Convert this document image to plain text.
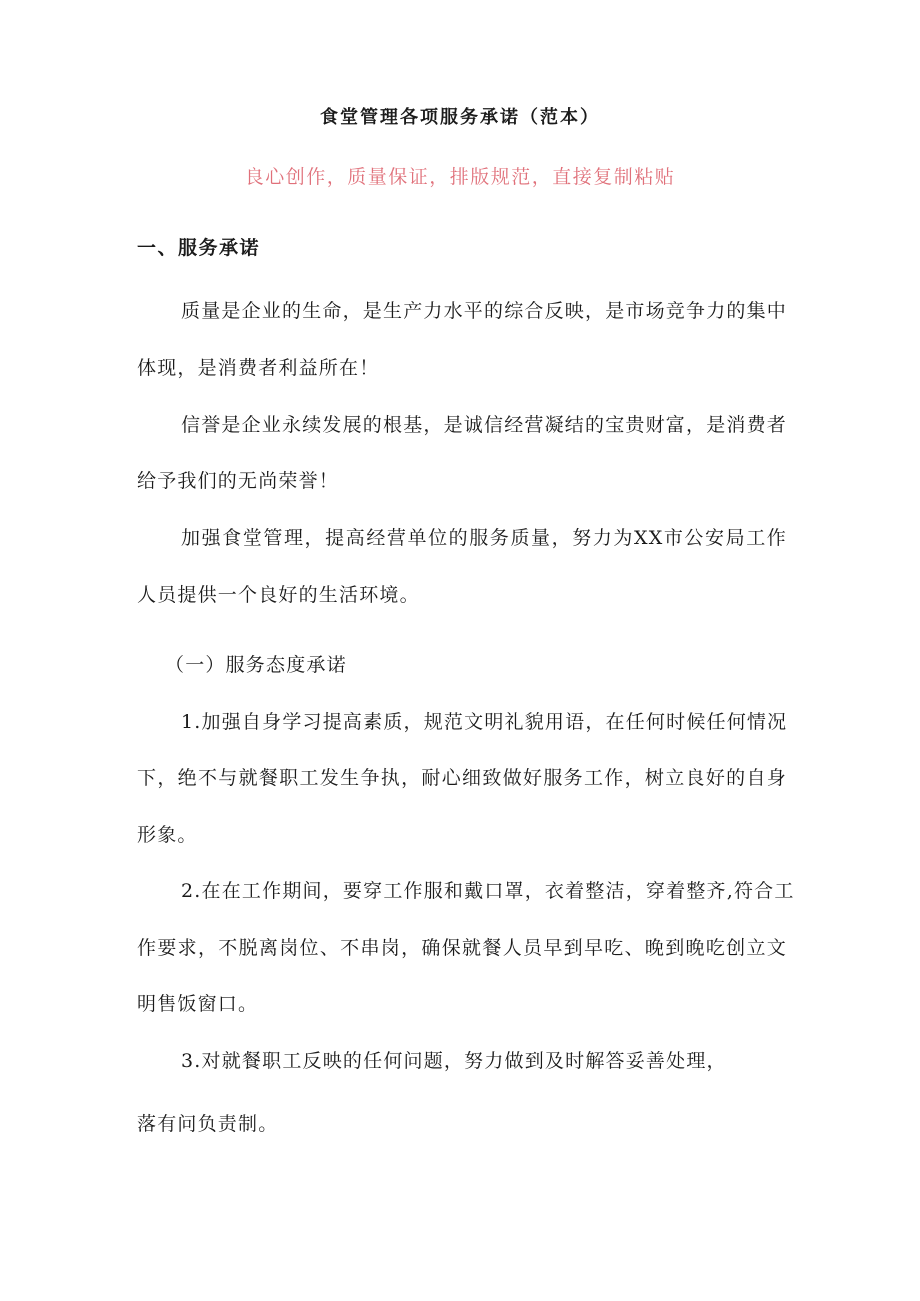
食堂管理各项服务承诺（范本）
良心创作，质量保证，排版规范，直接复制粘贴
一、服务承诺
质量是企业的生命，是生产力水平的综合反映，是市场竞争力的集中
体现，是消费者利益所在！
信誉是企业永续发展的根基，是诚信经营凝结的宝贵财富，是消费者
给予我们的无尚荣誉！
加强食堂管理，提高经营单位的服务质量，努力为XX市公安局工作
人员提供一个良好的生活环境。
（一）服务态度承诺
1.加强自身学习提高素质，规范文明礼貌用语，在任何时候任何情况
下，绝不与就餐职工发生争执，耐心细致做好服务工作，树立良好的自身
形象。
2.在在工作期间，要穿工作服和戴口罩，衣着整洁，穿着整齐,符合工
作要求，不脱离岗位、不串岗，确保就餐人员早到早吃、晚到晚吃创立文
明售饭窗口。
3.对就餐职工反映的任何问题，努力做到及时解答妥善处理，
落有问负责制。
